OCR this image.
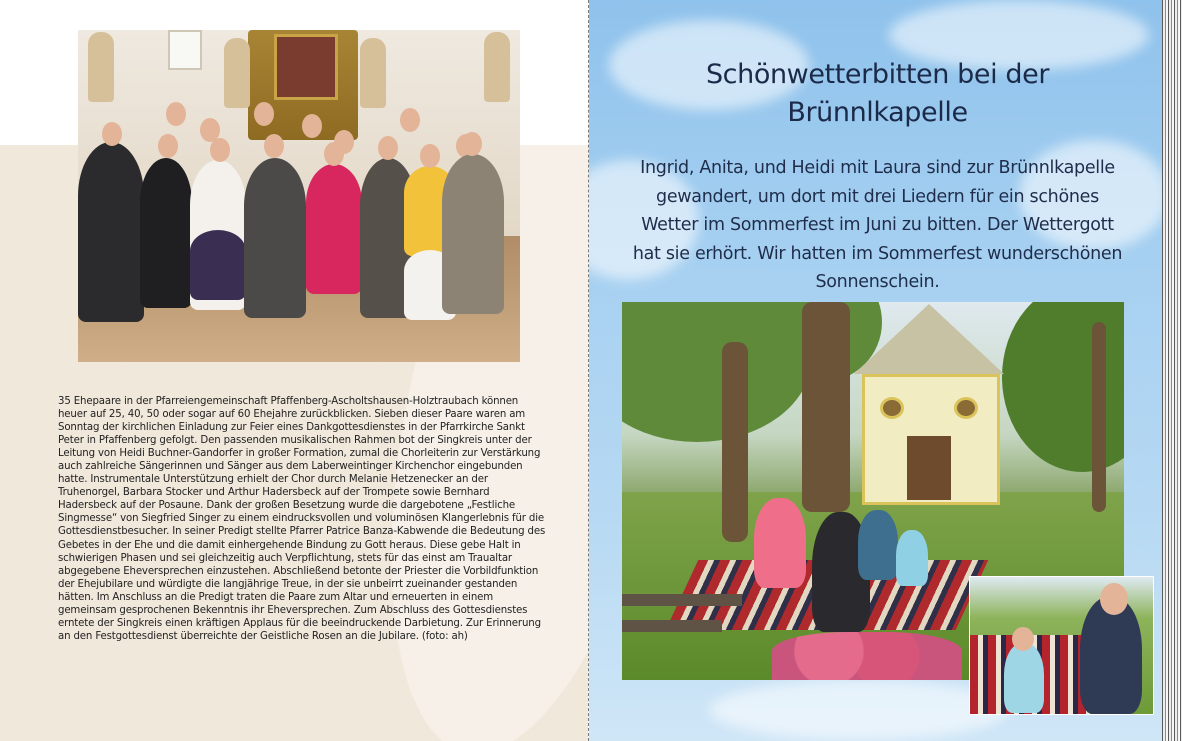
35 Ehepaare in der Pfarreiengemeinschaft Pfaffenberg-Ascholtshausen-Holztraubach können heuer auf 25, 40, 50 oder sogar auf 60 Ehejahre zurückblicken. Sieben dieser Paare waren am Sonntag der kirchlichen Einladung zur Feier eines Dankgottesdienstes in der Pfarrkirche Sankt Peter in Pfaffenberg gefolgt. Den passenden musikalischen Rahmen bot der Singkreis unter der Leitung von Heidi Buchner-Gandorfer in großer Formation, zumal die Chorleiterin zur Verstärkung auch zahlreiche Sängerinnen und Sänger aus dem Laberweintinger Kirchenchor eingebunden hatte. Instrumentale Unterstützung erhielt der Chor durch Melanie Hetzenecker an der Truhenorgel, Barbara Stocker und Arthur Hadersbeck auf der Trompete sowie Bernhard Hadersbeck auf der Posaune. Dank der großen Besetzung wurde die dargebotene „Festliche Singmesse“ von Siegfried Singer zu einem eindrucksvollen und voluminösen Klangerlebnis für die Gottesdienstbesucher. In seiner Predigt stellte Pfarrer Patrice Banza-Kabwende die Bedeutung des Gebetes in der Ehe und die damit einhergehende Bindung zu Gott heraus. Diese gebe Halt in schwierigen Phasen und sei gleichzeitig auch Verpflichtung, stets für das einst am Traualtar abgegebene Eheversprechen einzustehen. Abschließend betonte der Priester die Vorbildfunktion der Ehejubilare und würdigte die langjährige Treue, in der sie unbeirrt zueinander gestanden hätten. Im Anschluss an die Predigt traten die Paare zum Altar und erneuerten in einem gemeinsam gesprochenen Bekenntnis ihr Eheversprechen. Zum Abschluss des Gottesdienstes erntete der Singkreis einen kräftigen Applaus für die beeindruckende Darbietung. Zur Erinnerung an den Festgottesdienst überreichte der Geistliche Rosen an die Jubilare. (foto: ah)
Schönwetterbitten bei der Brünnlkapelle
Ingrid, Anita, und Heidi mit Laura sind zur Brünnlkapelle gewandert, um dort mit drei Liedern für ein schönes Wetter im Sommerfest im Juni zu bitten. Der Wettergott hat sie erhört. Wir hatten im Sommerfest wunderschönen Sonnenschein.
